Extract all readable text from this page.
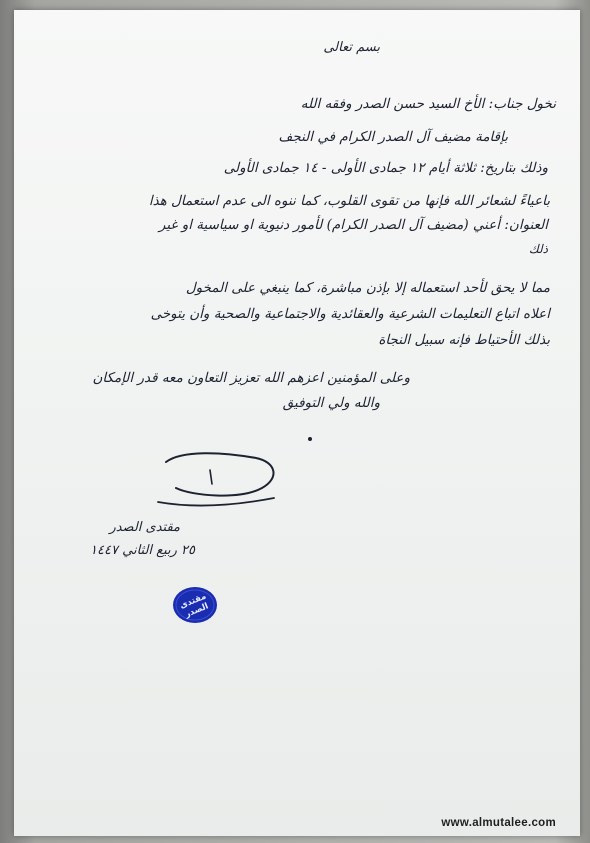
بسم تعالى
نخول جناب: الأخ السيد حسن الصدر وفقه الله
بإقامة مضيف آل الصدر الكرام في النجف
وذلك بتاريخ: ثلاثة أيام ١٢ جمادى الأولى - ١٤ جمادى الأولى
باعياءً لشعائر الله فإنها من تقوى القلوب، كما ننوه الى عدم استعمال هذا
العنوان: أعني (مضيف آل الصدر الكرام) لأمور دنيوية او سياسية او غير
ذلك
مما لا يحق لأحد استعماله إلا بإذن مباشرة، كما ينبغي على المخول
اعلاه اتباع التعليمات الشرعية والعقائدية والاجتماعية والصحية وأن يتوخى
بذلك الأحتياط فإنه سبيل النجاة
وعلى المؤمنين اعزهم الله تعزيز التعاون معه قدر الإمكان
والله ولي التوفيق
مقتدى الصدر
٢٥ ربيع الثاني ١٤٤٧
مقتدى الصدر
www.almutalee.com
